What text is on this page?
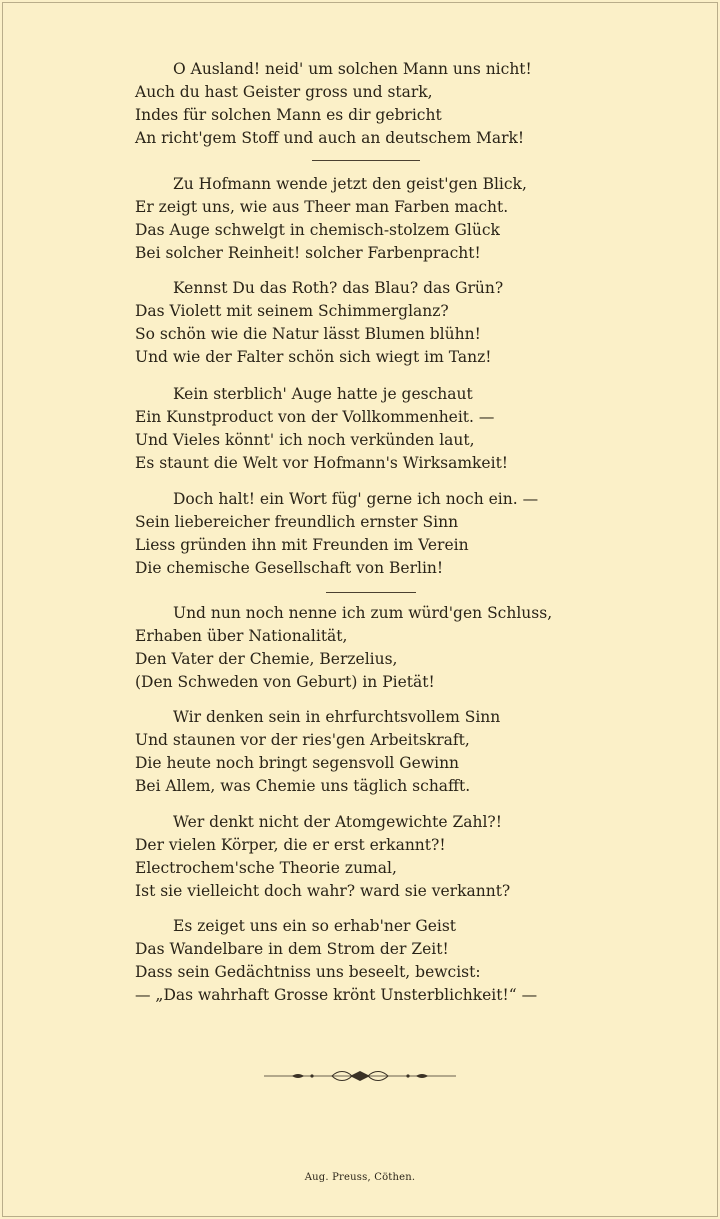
O Ausland! neid' um solchen Mann uns nicht!
Auch du hast Geister gross und stark,
Indes für solchen Mann es dir gebricht
An richt'gem Stoff und auch an deutschem Mark!
Zu Hofmann wende jetzt den geist'gen Blick,
Er zeigt uns, wie aus Theer man Farben macht.
Das Auge schwelgt in chemisch-stolzem Glück
Bei solcher Reinheit! solcher Farbenpracht!
Kennst Du das Roth? das Blau? das Grün?
Das Violett mit seinem Schimmerglanz?
So schön wie die Natur lässt Blumen blühn!
Und wie der Falter schön sich wiegt im Tanz!
Kein sterblich' Auge hatte je geschaut
Ein Kunstproduct von der Vollkommenheit. —
Und Vieles könnt' ich noch verkünden laut,
Es staunt die Welt vor Hofmann's Wirksamkeit!
Doch halt! ein Wort füg' gerne ich noch ein. —
Sein liebereicher freundlich ernster Sinn
Liess gründen ihn mit Freunden im Verein
Die chemische Gesellschaft von Berlin!
Und nun noch nenne ich zum würd'gen Schluss,
Erhaben über Nationalität,
Den Vater der Chemie, Berzelius,
(Den Schweden von Geburt) in Pietät!
Wir denken sein in ehrfurchtsvollem Sinn
Und staunen vor der ries'gen Arbeitskraft,
Die heute noch bringt segensvoll Gewinn
Bei Allem, was Chemie uns täglich schafft.
Wer denkt nicht der Atomgewichte Zahl?!
Der vielen Körper, die er erst erkannt?!
Electrochem'sche Theorie zumal,
Ist sie vielleicht doch wahr? ward sie verkannt?
Es zeiget uns ein so erhab'ner Geist
Das Wandelbare in dem Strom der Zeit!
Dass sein Gedächtniss uns beseelt, bewcist:
— „Das wahrhaft Grosse krönt Unsterblichkeit!“ —
Aug. Preuss, Cöthen.
